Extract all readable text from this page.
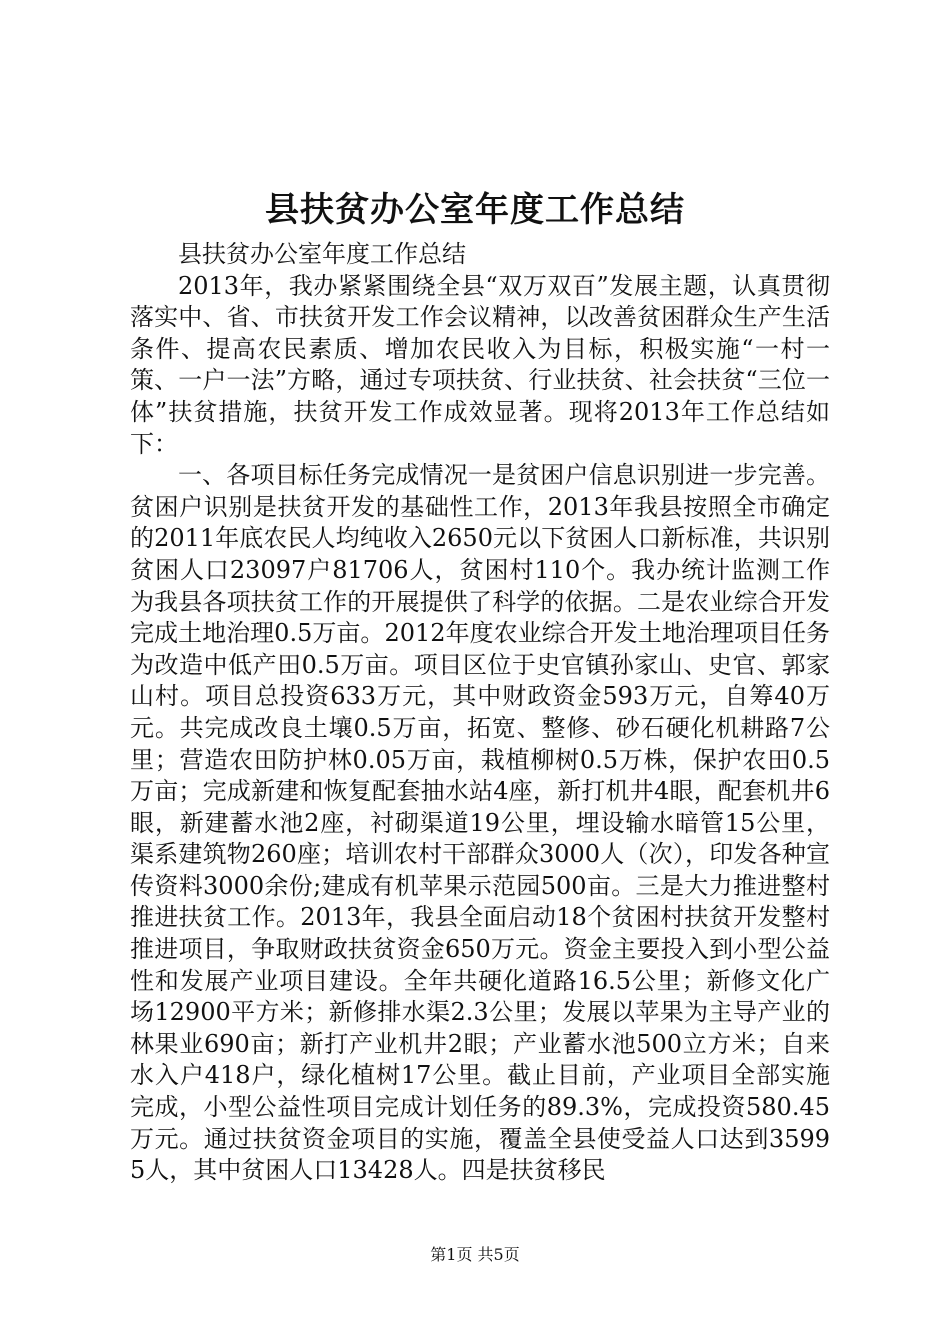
县扶贫办公室年度工作总结

县扶贫办公室年度工作总结

2013年，我办紧紧围绕全县“双万双百”发展主题，认真贯彻落实中、省、市扶贫开发工作会议精神，以改善贫困群众生产生活条件、提高农民素质、增加农民收入为目标，积极实施“一村一策、一户一法”方略，通过专项扶贫、行业扶贫、社会扶贫“三位一体”扶贫措施，扶贫开发工作成效显著。现将2013年工作总结如下：

一、各项目标任务完成情况一是贫困户信息识别进一步完善。贫困户识别是扶贫开发的基础性工作，2013年我县按照全市确定的2011年底农民人均纯收入2650元以下贫困人口新标准，共识别贫困人口23097户81706人，贫困村110个。我办统计监测工作为我县各项扶贫工作的开展提供了科学的依据。二是农业综合开发完成土地治理0.5万亩。2012年度农业综合开发土地治理项目任务为改造中低产田0.5万亩。项目区位于史官镇孙家山、史官、郭家山村。项目总投资633万元，其中财政资金593万元，自筹40万元。共完成改良土壤0.5万亩，拓宽、整修、砂石硬化机耕路7公里；营造农田防护林0.05万亩，栽植柳树0.5万株，保护农田0.5万亩；完成新建和恢复配套抽水站4座，新打机井4眼，配套机井6眼，新建蓄水池2座，衬砌渠道19公里，埋设输水暗管15公里，渠系建筑物260座；培训农村干部群众3000人（次），印发各种宣传资料3000余份;建成有机苹果示范园500亩。三是大力推进整村推进扶贫工作。2013年，我县全面启动18个贫困村扶贫开发整村推进项目，争取财政扶贫资金650万元。资金主要投入到小型公益性和发展产业项目建设。全年共硬化道路16.5公里；新修文化广场12900平方米；新修排水渠2.3公里；发展以苹果为主导产业的林果业690亩；新打产业机井2眼；产业蓄水池500立方米；自来水入户418户，绿化植树17公里。截止目前，产业项目全部实施完成，小型公益性项目完成计划任务的89.3%，完成投资580.45万元。通过扶贫资金项目的实施，覆盖全县使受益人口达到35995人，其中贫困人口13428人。四是扶贫移民

第1页 共5页
